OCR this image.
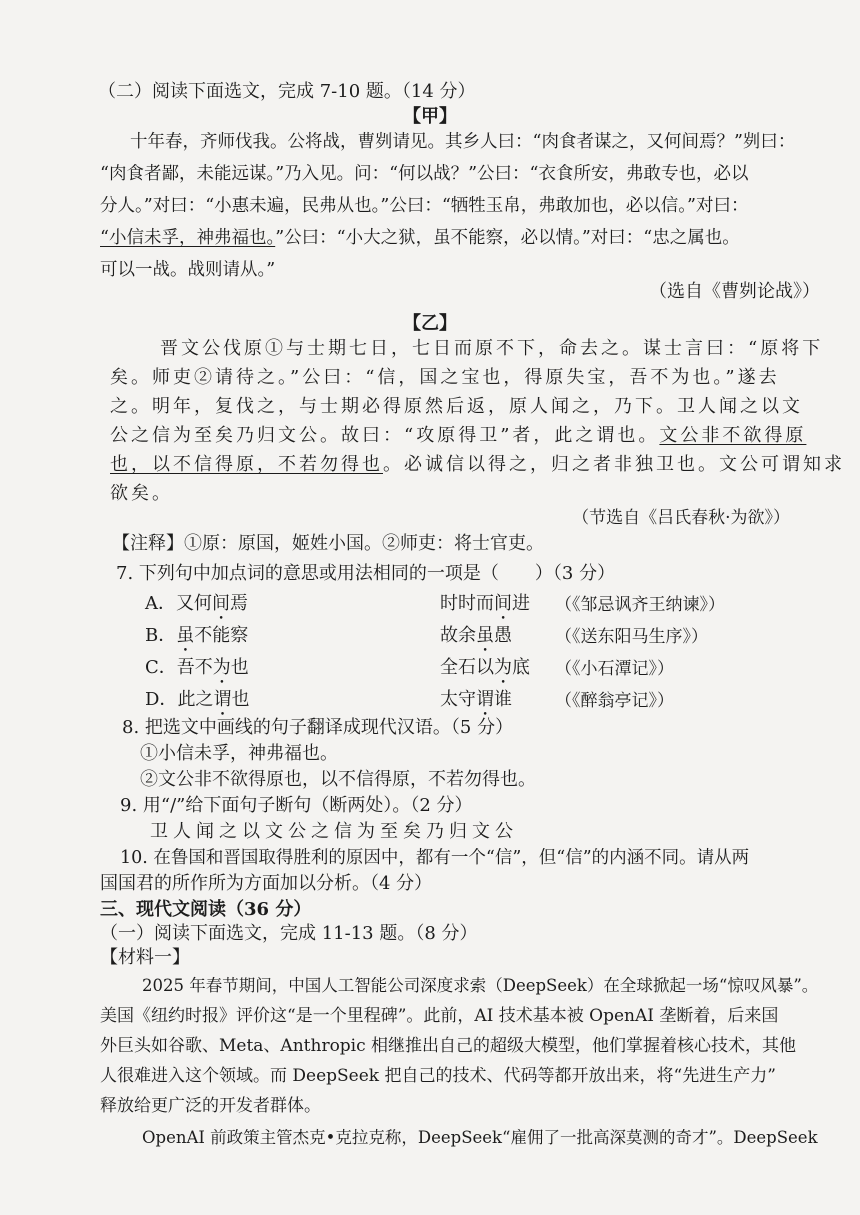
（二）阅读下面选文，完成 7-10 题。（14 分）
【甲】
十年春，齐师伐我。公将战，曹刿请见。其乡人曰：“肉食者谋之，又何间焉？”刿曰：
“肉食者鄙，未能远谋。”乃入见。问：“何以战？”公曰：“衣食所安，弗敢专也，必以
分人。”对曰：“小惠未遍，民弗从也。”公曰：“牺牲玉帛，弗敢加也，必以信。”对曰：
“小信未孚，神弗福也。”公曰：“小大之狱，虽不能察，必以情。”对曰：“忠之属也。
可以一战。战则请从。”
（选自《曹刿论战》）
【乙】
晋文公伐原①与士期七日，七日而原不下，命去之。谋士言曰：“原将下
矣。师吏②请待之。”公曰：“信，国之宝也，得原失宝，吾不为也。”遂去
之。明年，复伐之，与士期必得原然后返，原人闻之，乃下。卫人闻之以文
公之信为至矣乃归文公。故曰：“攻原得卫”者，此之谓也。文公非不欲得原
也，以不信得原，不若勿得也。必诚信以得之，归之者非独卫也。文公可谓知求
欲矣。
（节选自《吕氏春秋·为欲》）
【注释】①原：原国，姬姓小国。②师吏：将士官吏。
7. 下列句中加点词的意思或用法相同的一项是（　　）（3 分）
A．又何间焉	时时而间进 （《邹忌讽齐王纳谏》）
B．虽不能察	故余虽愚	（《送东阳马生序》）
C．吾不为也	全石以为底 （《小石潭记》）
D．此之谓也	太守谓谁	（《醉翁亭记》）
8. 把选文中画线的句子翻译成现代汉语。（5 分）
①小信未孚，神弗福也。
②文公非不欲得原也，以不信得原，不若勿得也。
9. 用“/”给下面句子断句（断两处）。（2 分）
卫人闻之以文公之信为至矣乃归文公
10. 在鲁国和晋国取得胜利的原因中，都有一个“信”，但“信”的内涵不同。请从两
国国君的所作所为方面加以分析。（4 分）
三、现代文阅读（36 分）
（一）阅读下面选文，完成 11-13 题。（8 分）
【材料一】
2025 年春节期间，中国人工智能公司深度求索（DeepSeek）在全球掀起一场“惊叹风暴”。
美国《纽约时报》评价这“是一个里程碑”。此前，AI 技术基本被 OpenAI 垄断着，后来国
外巨头如谷歌、Meta、Anthropic 相继推出自己的超级大模型，他们掌握着核心技术，其他
人很难进入这个领域。而 DeepSeek 把自己的技术、代码等都开放出来，将“先进生产力”
释放给更广泛的开发者群体。
OpenAI 前政策主管杰克•克拉克称，DeepSeek“雇佣了一批高深莫测的奇才”。DeepSeek
